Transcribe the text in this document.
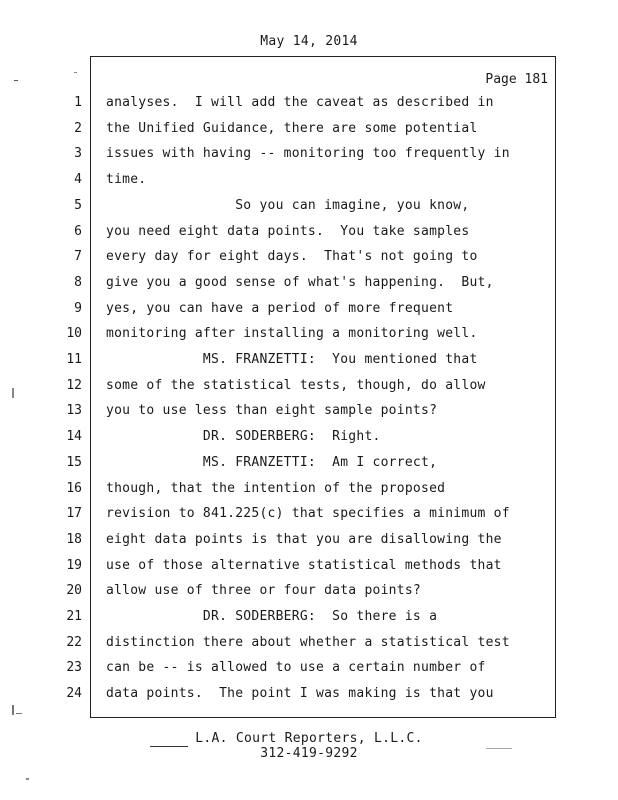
May 14, 2014
Page 181
1 analyses.  I will add the caveat as described in
2 the Unified Guidance, there are some potential
3 issues with having -- monitoring too frequently in
4 time.
5 So you can imagine, you know,
6 you need eight data points.  You take samples
7 every day for eight days.  That's not going to
8 give you a good sense of what's happening.  But,
9 yes, you can have a period of more frequent
10 monitoring after installing a monitoring well.
11 MS. FRANZETTI:  You mentioned that
12 some of the statistical tests, though, do allow
13 you to use less than eight sample points?
14 DR. SODERBERG:  Right.
15 MS. FRANZETTI:  Am I correct,
16 though, that the intention of the proposed
17 revision to 841.225(c) that specifies a minimum of
18 eight data points is that you are disallowing the
19 use of those alternative statistical methods that
20 allow use of three or four data points?
21 DR. SODERBERG:  So there is a
22 distinction there about whether a statistical test
23 can be -- is allowed to use a certain number of
24 data points.  The point I was making is that you
L.A. Court Reporters, L.L.C.
312-419-9292
